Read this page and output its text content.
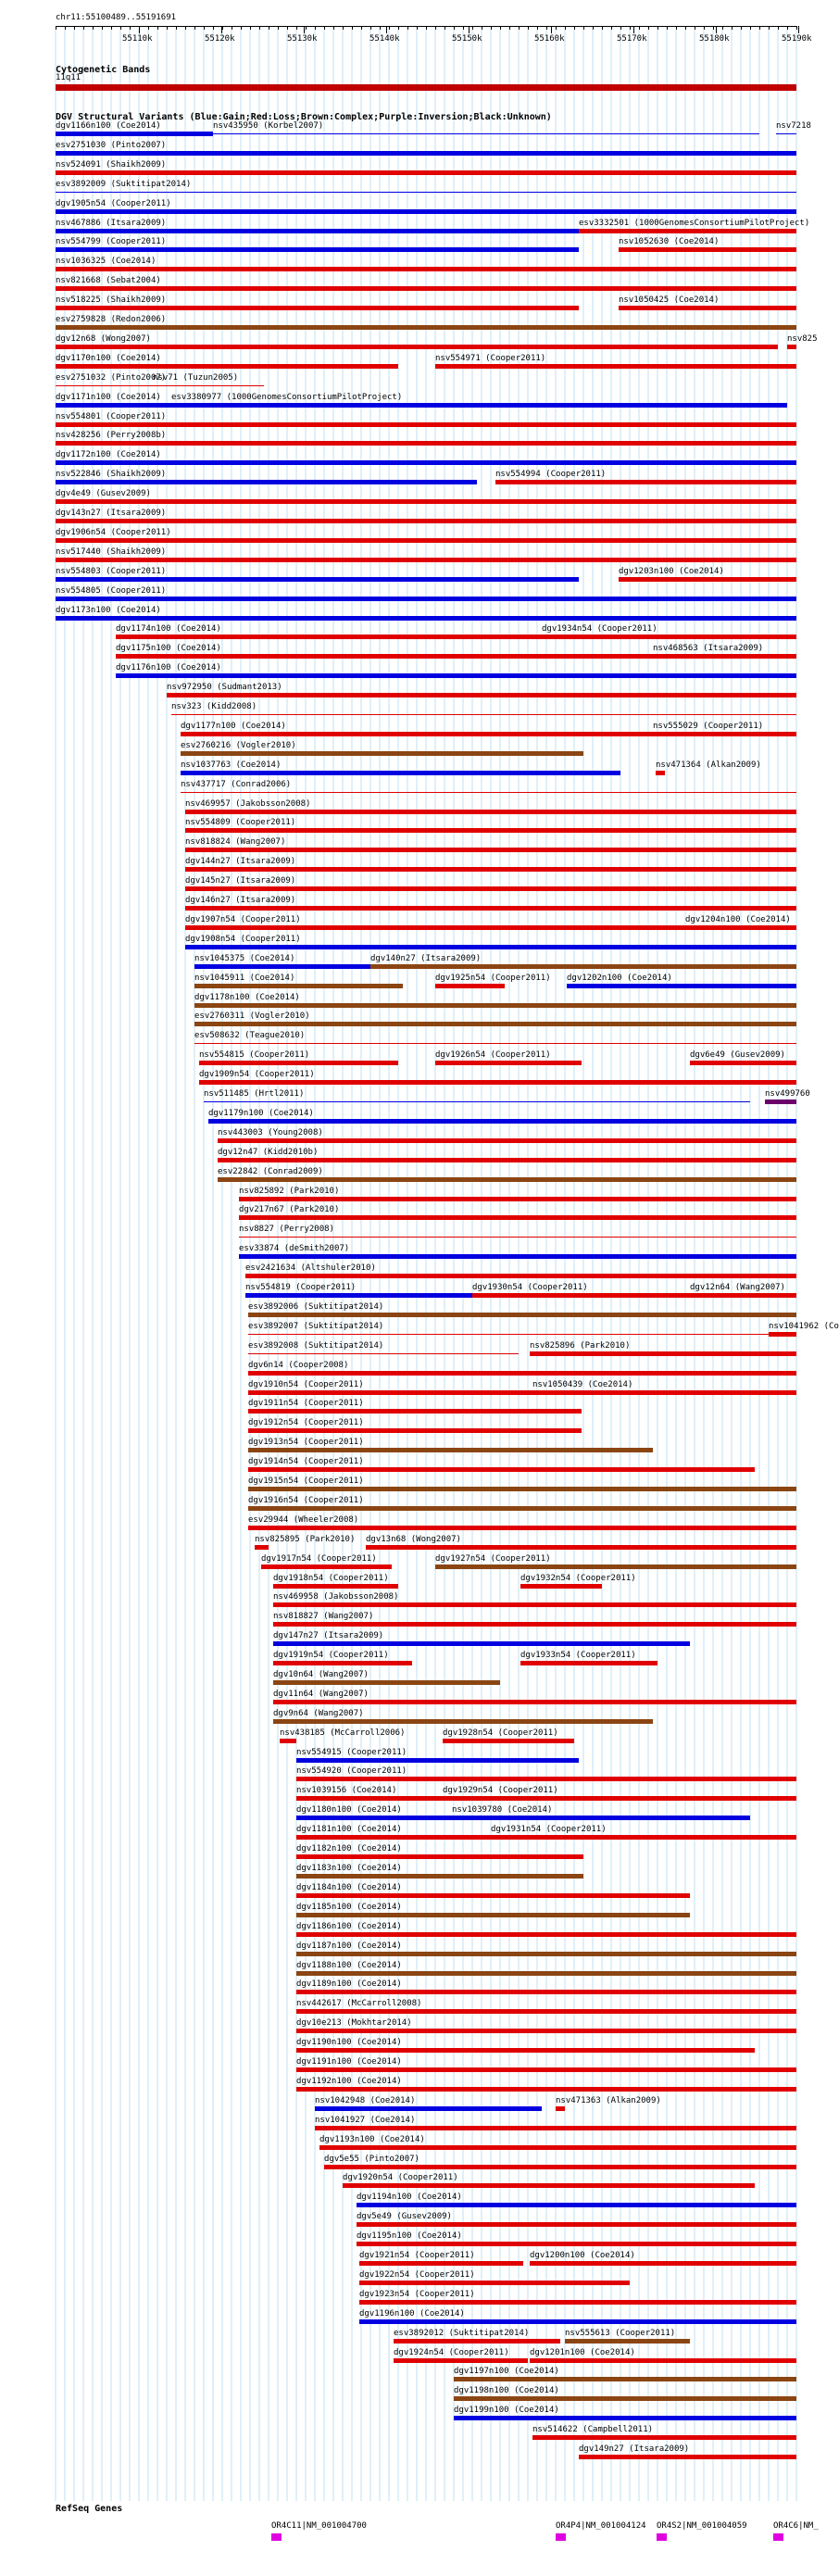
chr11:55100489..55191691
55110k	55120k	55130k	55140k	55150k	55160k	55170k	55180k	55190k
Cytogenetic Bands
11q11
DGV Structural Variants (Blue:Gain;Red:Loss;Brown:Complex;Purple:Inversion;Black:Unknown)
dgv1166n100 (Coe2014)	nsv435950 (Korbel2007)	nsv7218
esv2751030 (Pinto2007)
nsv524091 (Shaikh2009)
esv3892009 (Suktitipat2014)
dgv1905n54 (Cooper2011)
nsv467886 (Itsara2009)	esv3332501 (1000GenomesConsortiumPilotProject)
nsv554799 (Cooper2011)	nsv1052630 (Coe2014)
nsv1036325 (Coe2014)
nsv821668 (Sebat2004)
nsv518225 (Shaikh2009)	nsv1050425 (Coe2014)
esv2759828 (Redon2006)
dgv12n68 (Wong2007)	nsv825
dgv1170n100 (Coe2014)	nsv554971 (Cooper2011)
esv2751032 (Pinto2007)
nsv71 (Tuzun2005)
dgv1171n100 (Coe2014) esv3380977 (1000GenomesConsortiumPilotProject)
nsv554801 (Cooper2011)
nsv428256 (Perry2008b)
dgv1172n100 (Coe2014)
nsv522846 (Shaikh2009)	nsv554994 (Cooper2011)
dgv4e49 (Gusev2009)
dgv143n27 (Itsara2009)
dgv1906n54 (Cooper2011)
nsv517440 (Shaikh2009)
nsv554803 (Cooper2011)	dgv1203n100 (Coe2014)
nsv554805 (Cooper2011)
dgv1173n100 (Coe2014)
dgv1174n100 (Coe2014)	dgv1934n54 (Cooper2011)
dgv1175n100 (Coe2014)	nsv468563 (Itsara2009)
dgv1176n100 (Coe2014)
nsv972950 (Sudmant2013)
nsv323 (Kidd2008)
dgv1177n100 (Coe2014)	nsv555029 (Cooper2011)
esv2760216 (Vogler2010)
nsv1037763 (Coe2014)	nsv471364 (Alkan2009)
nsv437717 (Conrad2006)
nsv469957 (Jakobsson2008)
nsv554809 (Cooper2011)
nsv818824 (Wang2007)
dgv144n27 (Itsara2009)
dgv145n27 (Itsara2009)
dgv146n27 (Itsara2009)
dgv1907n54 (Cooper2011)	dgv1204n100 (Coe2014)
dgv1908n54 (Cooper2011)
nsv1045375 (Coe2014)	dgv140n27 (Itsara2009)
nsv1045911 (Coe2014)	dgv1925n54 (Cooper2011) dgv1202n100 (Coe2014)
dgv1178n100 (Coe2014)
esv2760311 (Vogler2010)
esv508632 (Teague2010)
nsv554815 (Cooper2011)	dgv1926n54 (Cooper2011)	dgv6e49 (Gusev2009)
dgv1909n54 (Cooper2011)
nsv511485 (Hrtl2011)	nsv499760
dgv1179n100 (Coe2014)
nsv443003 (Young2008)
dgv12n47 (Kidd2010b)
esv22842 (Conrad2009)
nsv825892 (Park2010)
dgv217n67 (Park2010)
nsv8827 (Perry2008)
esv33874 (deSmith2007)
esv2421634 (Altshuler2010)
nsv554819 (Cooper2011)	dgv1930n54 (Cooper2011)	dgv12n64 (Wang2007)
esv3892006 (Suktitipat2014)
esv3892007 (Suktitipat2014)	nsv1041962 (Co
esv3892008 (Suktitipat2014)	nsv825896 (Park2010)
dgv6n14 (Cooper2008)
dgv1910n54 (Cooper2011)	nsv1050439 (Coe2014)
dgv1911n54 (Cooper2011)
dgv1912n54 (Cooper2011)
dgv1913n54 (Cooper2011)
dgv1914n54 (Cooper2011)
dgv1915n54 (Cooper2011)
dgv1916n54 (Cooper2011)
esv29944 (Wheeler2008)
nsv825895 (Park2010) dgv13n68 (Wong2007)
dgv1917n54 (Cooper2011)	dgv1927n54 (Cooper2011)
dgv1918n54 (Cooper2011)	dgv1932n54 (Cooper2011)
nsv469958 (Jakobsson2008)
nsv818827 (Wang2007)
dgv147n27 (Itsara2009)
dgv1919n54 (Cooper2011)	dgv1933n54 (Cooper2011)
dgv10n64 (Wang2007)
dgv11n64 (Wang2007)
dgv9n64 (Wang2007)
nsv438185 (McCarroll2006)	dgv1928n54 (Cooper2011)
nsv554915 (Cooper2011)
nsv554920 (Cooper2011)
nsv1039156 (Coe2014)	dgv1929n54 (Cooper2011)
dgv1180n100 (Coe2014)	nsv1039780 (Coe2014)
dgv1181n100 (Coe2014)	dgv1931n54 (Cooper2011)
dgv1182n100 (Coe2014)
dgv1183n100 (Coe2014)
dgv1184n100 (Coe2014)
dgv1185n100 (Coe2014)
dgv1186n100 (Coe2014)
dgv1187n100 (Coe2014)
dgv1188n100 (Coe2014)
dgv1189n100 (Coe2014)
nsv442617 (McCarroll2008)
dgv10e213 (Mokhtar2014)
dgv1190n100 (Coe2014)
dgv1191n100 (Coe2014)
dgv1192n100 (Coe2014)
nsv1042948 (Coe2014)	nsv471363 (Alkan2009)
nsv1041927 (Coe2014)
dgv1193n100 (Coe2014)
dgv5e55 (Pinto2007)
dgv1920n54 (Cooper2011)
dgv1194n100 (Coe2014)
dgv5e49 (Gusev2009)
dgv1195n100 (Coe2014)
dgv1921n54 (Cooper2011)	dgv1200n100 (Coe2014)
dgv1922n54 (Cooper2011)
dgv1923n54 (Cooper2011)
dgv1196n100 (Coe2014)
esv3892012 (Suktitipat2014)	nsv555613 (Cooper2011)
dgv1924n54 (Cooper2011) dgv1201n100 (Coe2014)
dgv1197n100 (Coe2014)
dgv1198n100 (Coe2014)
dgv1199n100 (Coe2014)
nsv514622 (Campbell2011)
dgv149n27 (Itsara2009)
RefSeq Genes
OR4C11|NM_001004700	OR4P4|NM_001004124 OR4S2|NM_001004059	OR4C6|NM_
